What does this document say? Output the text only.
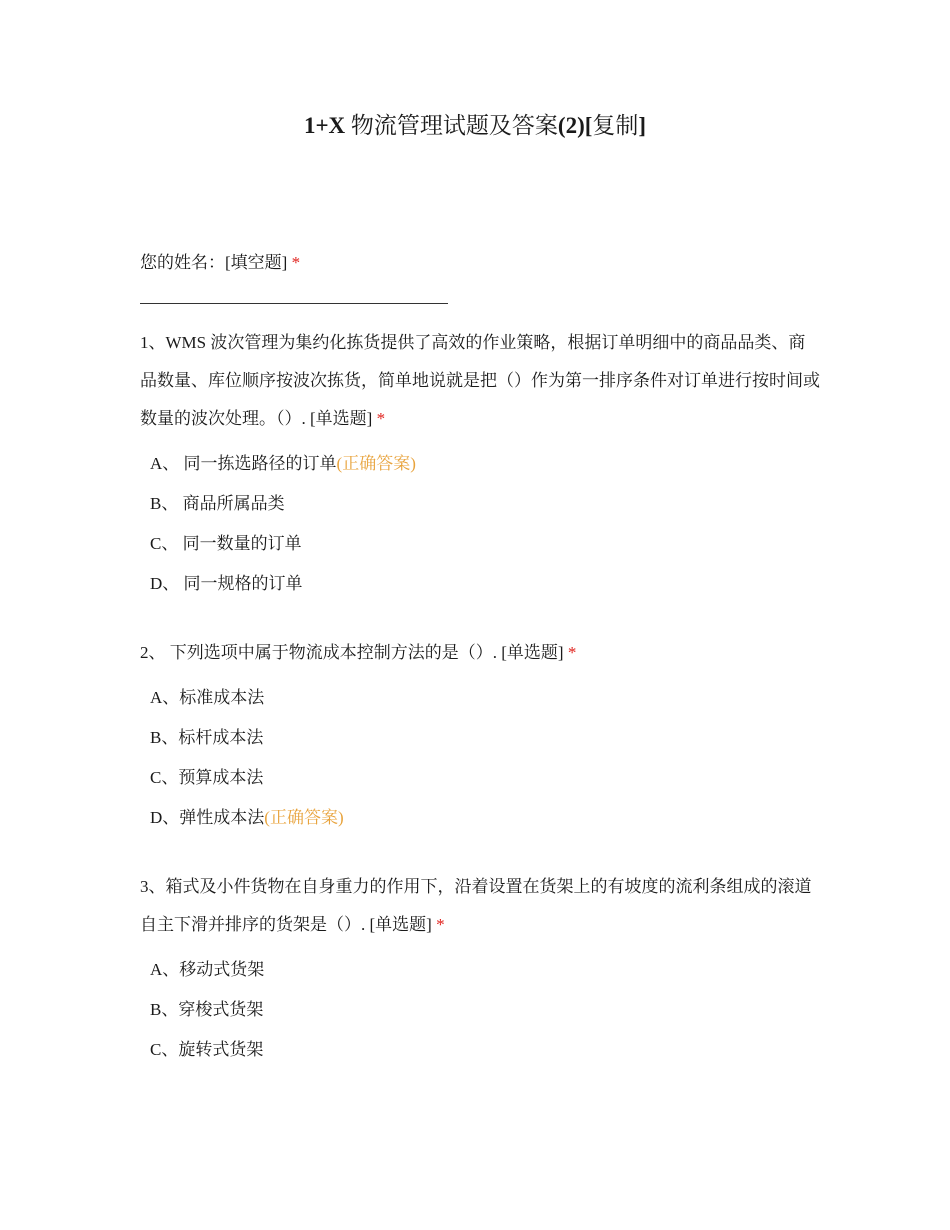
1+X 物流管理试题及答案(2)[复制]

您的姓名：[填空题] *

1、WMS 波次管理为集约化拣货提供了高效的作业策略，根据订单明细中的商品品类、商品数量、库位顺序按波次拣货，简单地说就是把（）作为第一排序条件对订单进行按时间或数量的波次处理。（）. [单选题] *

A、 同一拣选路径的订单(正确答案)
B、 商品所属品类
C、 同一数量的订单
D、 同一规格的订单

2、 下列选项中属于物流成本控制方法的是（）. [单选题] *

A、标准成本法
B、标杆成本法
C、预算成本法
D、弹性成本法(正确答案)

3、箱式及小件货物在自身重力的作用下，沿着设置在货架上的有坡度的流利条组成的滚道自主下滑并排序的货架是（）. [单选题] *

A、移动式货架
B、穿梭式货架
C、旋转式货架
